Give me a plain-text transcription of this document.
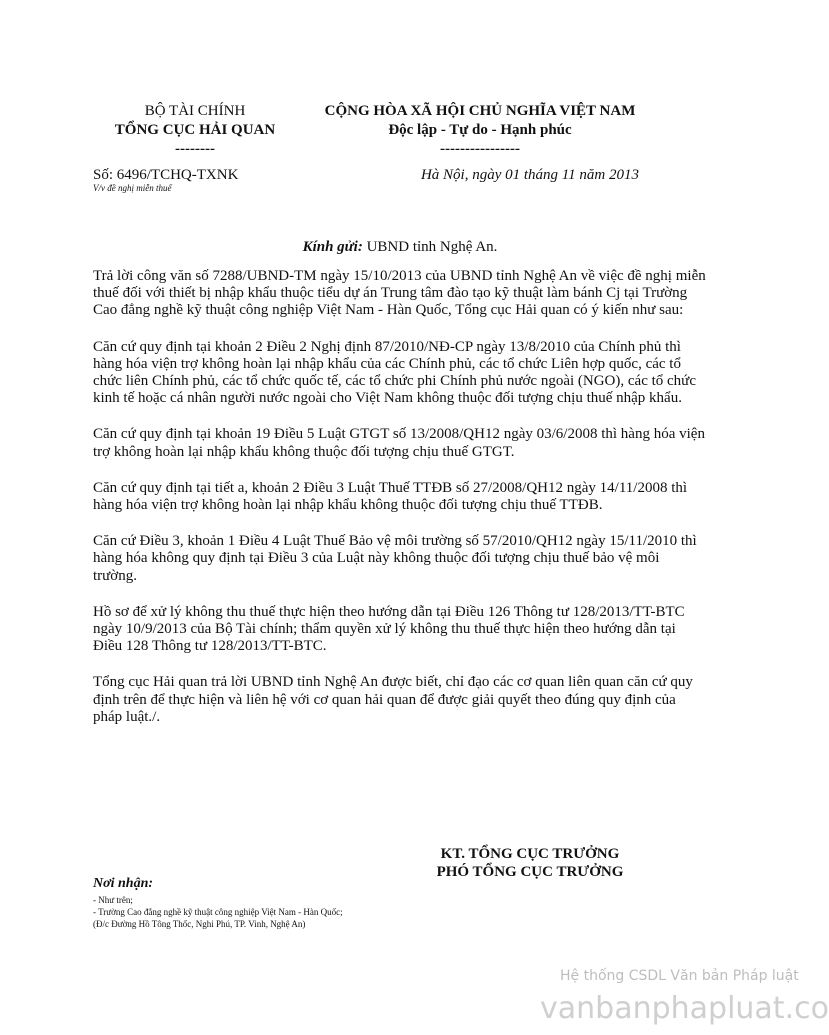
BỘ TÀI CHÍNH
TỔNG CỤC HẢI QUAN
--------
CỘNG HÒA XÃ HỘI CHỦ NGHĨA VIỆT NAM
Độc lập - Tự do - Hạnh phúc
----------------
Số: 6496/TCHQ-TXNK
V/v đề nghị miễn thuế
Hà Nội, ngày 01 tháng 11 năm 2013
Kính gửi: UBND tỉnh Nghệ An.

Trả lời công văn số 7288/UBND-TM ngày 15/10/2013 của UBND tỉnh Nghệ An về việc đề nghị miễn thuế đối với thiết bị nhập khẩu thuộc tiểu dự án Trung tâm đào tạo kỹ thuật làm bánh Cj tại Trường Cao đẳng nghề kỹ thuật công nghiệp Việt Nam - Hàn Quốc, Tổng cục Hải quan có ý kiến như sau:

Căn cứ quy định tại khoản 2 Điều 2 Nghị định 87/2010/NĐ-CP ngày 13/8/2010 của Chính phủ thì hàng hóa viện trợ không hoàn lại nhập khẩu của các Chính phủ, các tổ chức Liên hợp quốc, các tổ chức liên Chính phủ, các tổ chức quốc tế, các tổ chức phi Chính phủ nước ngoài (NGO), các tổ chức kinh tế hoặc cá nhân người nước ngoài cho Việt Nam không thuộc đối tượng chịu thuế nhập khẩu.

Căn cứ quy định tại khoản 19 Điều 5 Luật GTGT số 13/2008/QH12 ngày 03/6/2008 thì hàng hóa viện trợ không hoàn lại nhập khẩu không thuộc đối tượng chịu thuế GTGT.

Căn cứ quy định tại tiết a, khoản 2 Điều 3 Luật Thuế TTĐB số 27/2008/QH12 ngày 14/11/2008 thì hàng hóa viện trợ không hoàn lại nhập khẩu không thuộc đối tượng chịu thuế TTĐB.

Căn cứ Điều 3, khoản 1 Điều 4 Luật Thuế Bảo vệ môi trường số 57/2010/QH12 ngày 15/11/2010 thì hàng hóa không quy định tại Điều 3 của Luật này không thuộc đối tượng chịu thuế bảo vệ môi trường.

Hồ sơ để xử lý không thu thuế thực hiện theo hướng dẫn tại Điều 126 Thông tư 128/2013/TT-BTC ngày 10/9/2013 của Bộ Tài chính; thẩm quyền xử lý không thu thuế thực hiện theo hướng dẫn tại Điều 128 Thông tư 128/2013/TT-BTC.

Tổng cục Hải quan trả lời UBND tỉnh Nghệ An được biết, chỉ đạo các cơ quan liên quan căn cứ quy định trên để thực hiện và liên hệ với cơ quan hải quan để được giải quyết theo đúng quy định của pháp luật./.

KT. TỔNG CỤC TRƯỞNG
PHÓ TỔNG CỤC TRƯỞNG
Nơi nhận:
- Như trên;
- Trường Cao đẳng nghề kỹ thuật công nghiệp Việt Nam - Hàn Quốc;
(Đ/c Đường Hồ Tông Thốc, Nghi Phú, TP. Vinh, Nghệ An)
Hệ thống CSDL Văn bản Pháp luật
vanbanphapluat.co
